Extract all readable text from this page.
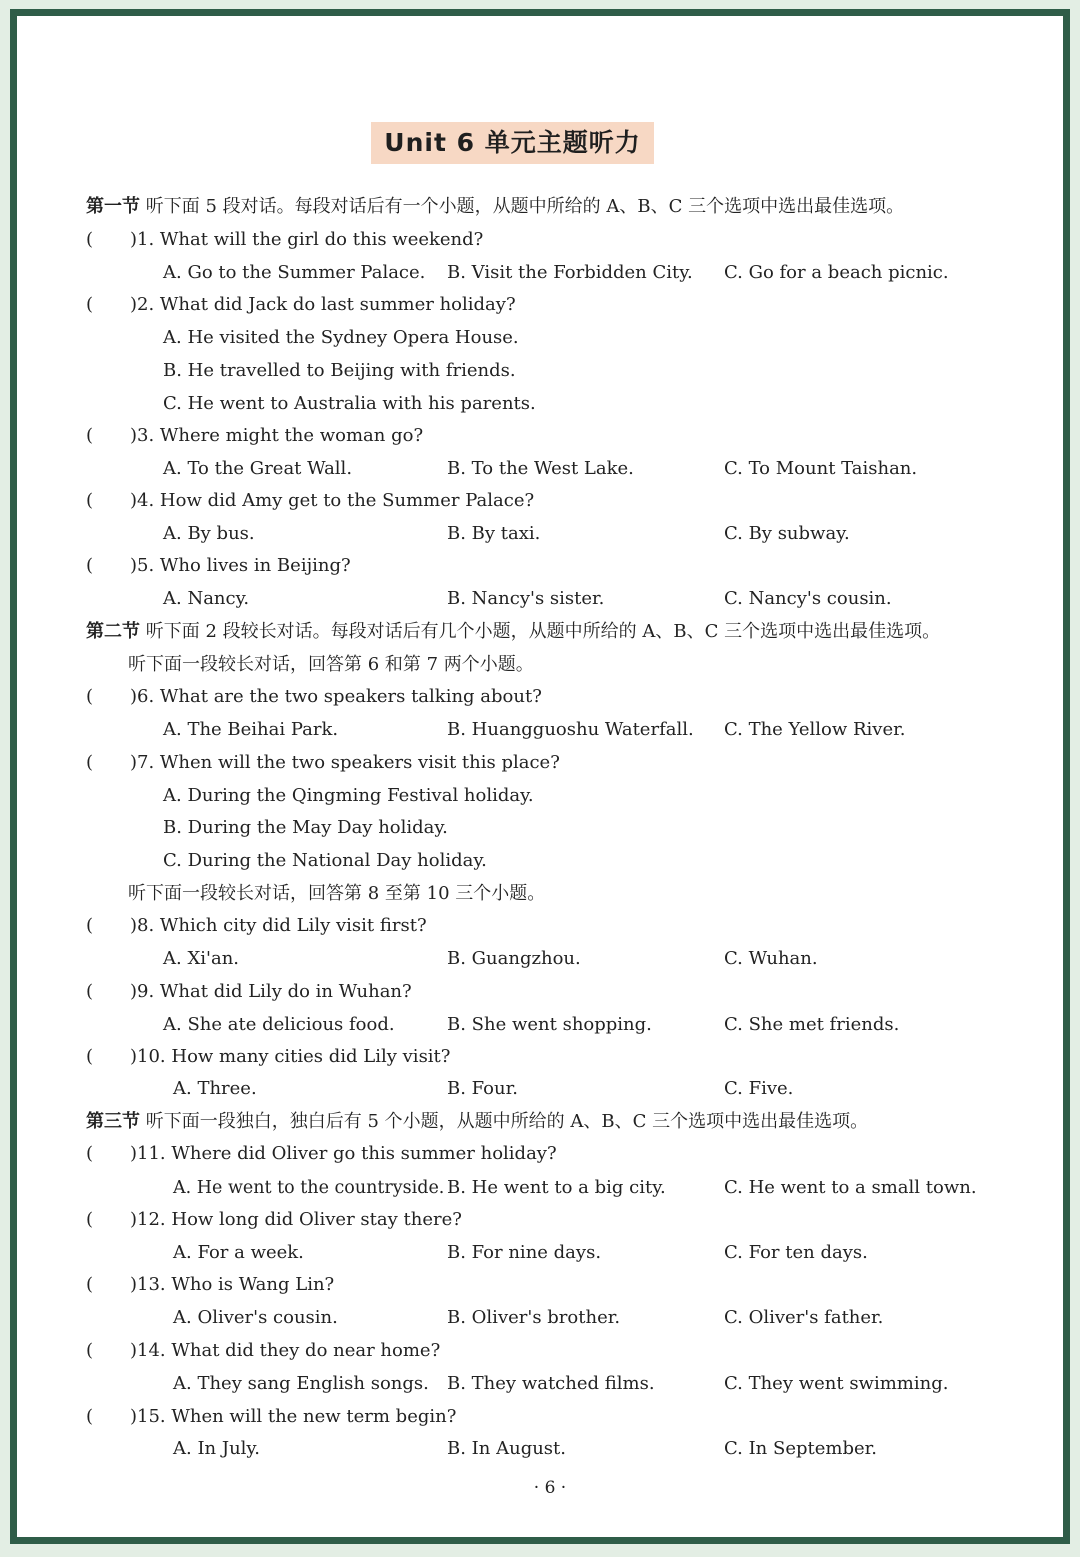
Unit 6 单元主题听力
第一节 听下面 5 段对话。每段对话后有一个小题，从题中所给的 A、B、C 三个选项中选出最佳选项。
( )1. What will the girl do this weekend?
A. Go to the Summer Palace. B. Visit the Forbidden City. C. Go for a beach picnic.
( )2. What did Jack do last summer holiday?
A. He visited the Sydney Opera House.
B. He travelled to Beijing with friends.
C. He went to Australia with his parents.
( )3. Where might the woman go?
A. To the Great Wall.	B. To the West Lake.	C. To Mount Taishan.
( )4. How did Amy get to the Summer Palace?
A. By bus.	B. By taxi.	C. By subway.
( )5. Who lives in Beijing?
A. Nancy.	B. Nancy's sister.	C. Nancy's cousin.
第二节 听下面 2 段较长对话。每段对话后有几个小题，从题中所给的 A、B、C 三个选项中选出最佳选项。
听下面一段较长对话，回答第 6 和第 7 两个小题。
( )6. What are the two speakers talking about?
A. The Beihai Park.	B. Huangguoshu Waterfall. C. The Yellow River.
( )7. When will the two speakers visit this place?
A. During the Qingming Festival holiday.
B. During the May Day holiday.
C. During the National Day holiday.
听下面一段较长对话，回答第 8 至第 10 三个小题。
( )8. Which city did Lily visit first?
A. Xi'an.	B. Guangzhou.	C. Wuhan.
( )9. What did Lily do in Wuhan?
A. She ate delicious food.	B. She went shopping.	C. She met friends.
( )10. How many cities did Lily visit?
A. Three.	B. Four.	C. Five.
第三节 听下面一段独白，独白后有 5 个小题，从题中所给的 A、B、C 三个选项中选出最佳选项。
( )11. Where did Oliver go this summer holiday?
A. He went to the countryside. B. He went to a big city.	C. He went to a small town.
( )12. How long did Oliver stay there?
A. For a week.	B. For nine days.	C. For ten days.
( )13. Who is Wang Lin?
A. Oliver's cousin.	B. Oliver's brother.	C. Oliver's father.
( )14. What did they do near home?
A. They sang English songs. B. They watched films.	C. They went swimming.
( )15. When will the new term begin?
A. In July.	B. In August.	C. In September.
· 6 ·
